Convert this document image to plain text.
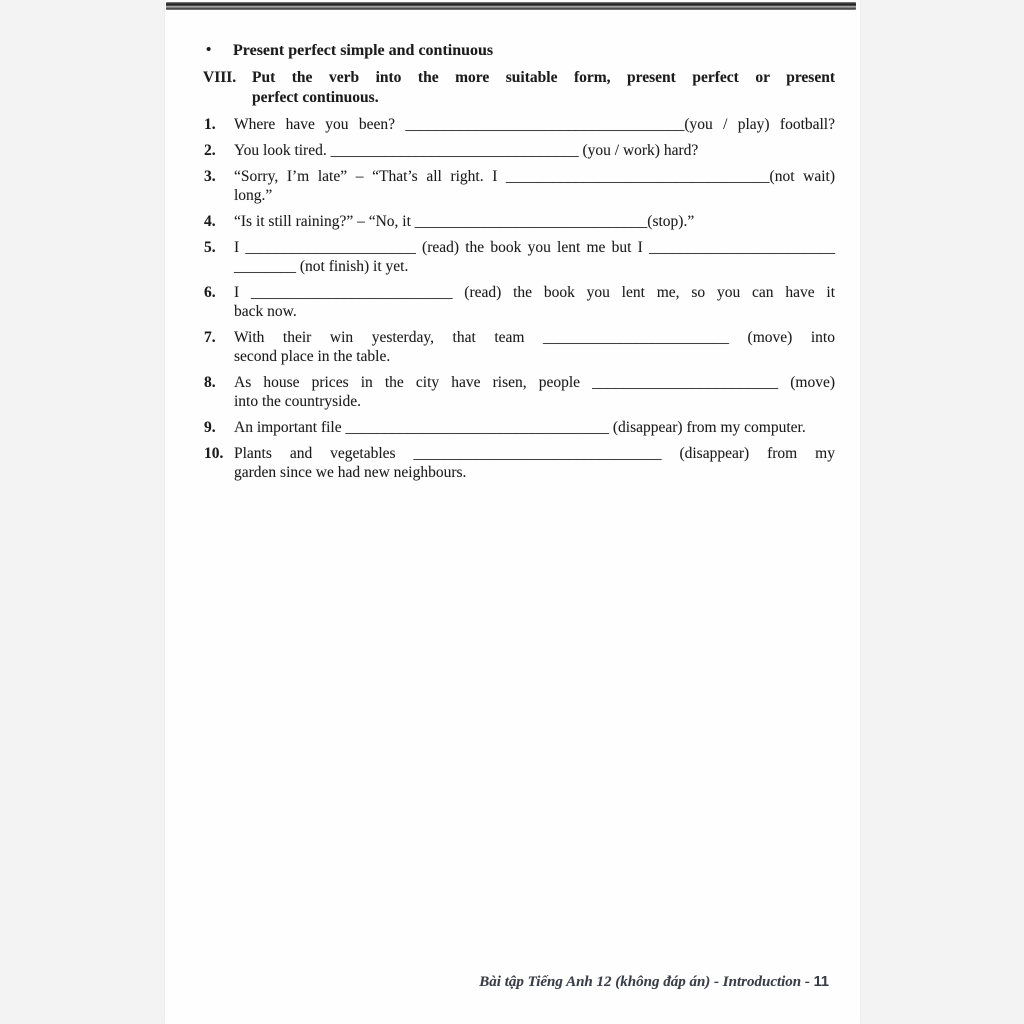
•	Present perfect simple and continuous
VIII.	Put the verb into the more suitable form, present perfect or present
perfect continuous.
1.	Where have you been? ____________________________________(you / play) football?
2.	You look tired. ________________________________ (you / work) hard?
3.	“Sorry, I’m late” – “That’s all right. I __________________________________(not wait)
long.”
4.	“Is it still raining?” – “No, it ______________________________(stop).”
5.	I ______________________ (read) the book you lent me but I ________________________
________ (not finish) it yet.
6.	I __________________________ (read) the book you lent me, so you can have it
back now.
7.	With their win yesterday, that team ________________________ (move) into
second place in the table.
8.	As house prices in the city have risen, people ________________________ (move)
into the countryside.
9.	An important file __________________________________ (disappear) from my computer.
10. Plants and vegetables ________________________________ (disappear) from my
garden since we had new neighbours.
Bài tập Tiếng Anh 12 (không đáp án) - Introduction - 11
